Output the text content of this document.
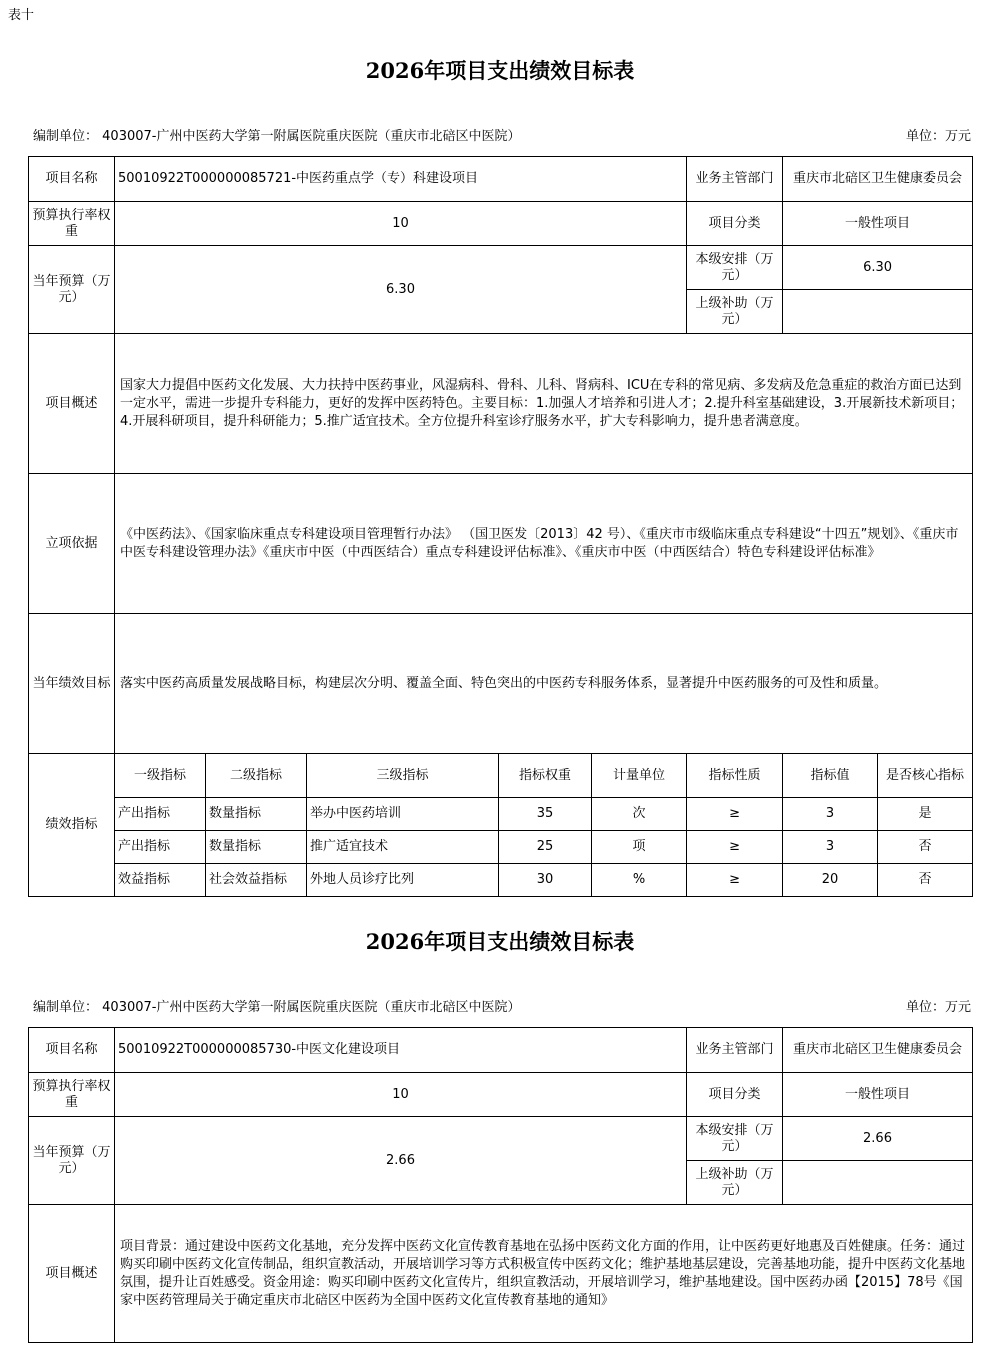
表十
2026年项目支出绩效目标表
编制单位： 403007-广州中医药大学第一附属医院重庆医院（重庆市北碚区中医院）	单位：万元
项目名称	50010922T000000085721-中医药重点学（专）科建设项目					业务主管部门	重庆市北碚区卫生健康委员会	
预算执行率权重	10					项目分类	一般性项目	
当年预算（万元）	6.30					本级安排（万元）	6.30	
						上级补助（万元）		
项目概述	国家大力提倡中医药文化发展、大力扶持中医药事业，风湿病科、骨科、儿科、肾病科、ICU在专科的常见病、多发病及危急重症的救治方面已达到一定水平，需进一步提升专科能力，更好的发挥中医药特色。主要目标：1.加强人才培养和引进人才；2.提升科室基础建设，3.开展新技术新项目；4.开展科研项目，提升科研能力；5.推广适宜技术。全方位提升科室诊疗服务水平，扩大专科影响力，提升患者满意度。							
立项依据	《中医药法》、《国家临床重点专科建设项目管理暂行办法》 （国卫医发〔2013〕42 号）、《重庆市市级临床重点专科建设“十四五”规划》、《重庆市中医专科建设管理办法》《重庆市中医（中西医结合）重点专科建设评估标准》、《重庆市中医（中西医结合）特色专科建设评估标准》							
当年绩效目标	落实中医药高质量发展战略目标，构建层次分明、覆盖全面、特色突出的中医药专科服务体系，显著提升中医药服务的可及性和质量。							
绩效指标	一级指标	二级指标	三级指标	指标权重	计量单位	指标性质	指标值	是否核心指标
	产出指标	数量指标	举办中医药培训	35	次	≥	3	是
	产出指标	数量指标	推广适宜技术	25	项	≥	3	否
	效益指标	社会效益指标	外地人员诊疗比列	30	%	≥	20	否
2026年项目支出绩效目标表
编制单位： 403007-广州中医药大学第一附属医院重庆医院（重庆市北碚区中医院）	单位：万元
项目名称	50010922T000000085730-中医文化建设项目	业务主管部门	重庆市北碚区卫生健康委员会
预算执行率权重	10	项目分类	一般性项目
当年预算（万元）	2.66	本级安排（万元）	2.66
		上级补助（万元）	
项目概述	项目背景：通过建设中医药文化基地，充分发挥中医药文化宣传教育基地在弘扬中医药文化方面的作用，让中医药更好地惠及百姓健康。任务：通过购买印刷中医药文化宣传制品，组织宣教活动，开展培训学习等方式积极宣传中医药文化；维护基地基层建设，完善基地功能，提升中医药文化基地氛围，提升让百姓感受。资金用途：购买印刷中医药文化宣传片，组织宣教活动，开展培训学习，维护基地建设。国中医药办函【2015】78号《国家中医药管理局关于确定重庆市北碚区中医药为全国中医药文化宣传教育基地的通知》		
